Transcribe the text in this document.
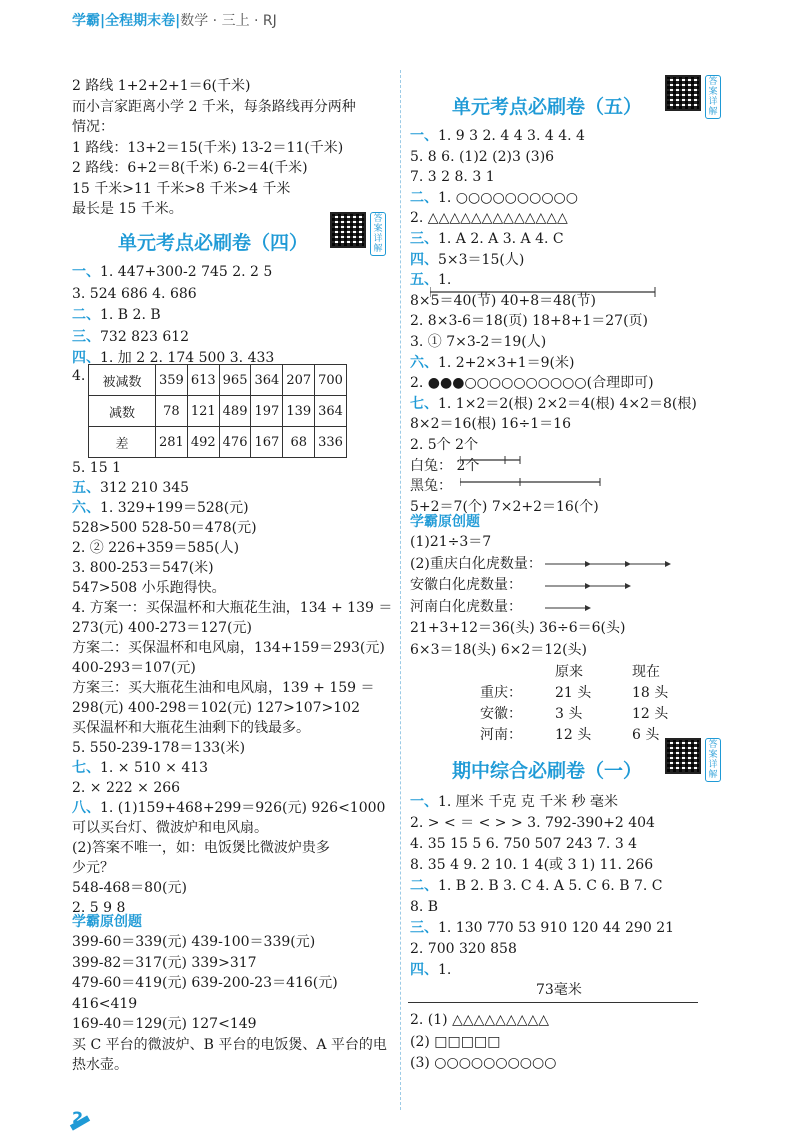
学霸|全程期末卷|数学 · 三上 · RJ
2 路线 1+2+2+1＝6(千米)
而小言家距离小学 2 千米，每条路线再分两种
情况：
1 路线：13+2＝15(千米) 13-2＝11(千米)
2 路线：6+2＝8(千米) 6-2＝4(千米)
15 千米>11 千米>8 千米>4 千米
最长是 15 千米。
答案详解
单元考点必刷卷（四）
一、1. 447+300-2 745 2. 2 5
3. 524 686 4. 686
二、1. B 2. B
三、732 823 612
四、1. 加 2 2. 174 500 3. 433
4. 被减数	359	613	965	364	207	700
减数	78	121	489	197	139	364
差	281	492	476	167	68	336
5. 15 1
五、312 210 345
六、1. 329+199＝528(元)
528>500 528-50＝478(元)
2. ② 226+359＝585(人)
3. 800-253＝547(米)
547>508 小乐跑得快。
4. 方案一：买保温杯和大瓶花生油，134 + 139 ＝
273(元) 400-273＝127(元)
方案二：买保温杯和电风扇，134+159＝293(元)
400-293＝107(元)
方案三：买大瓶花生油和电风扇，139 + 159 ＝
298(元) 400-298＝102(元) 127>107>102
买保温杯和大瓶花生油剩下的钱最多。
5. 550-239-178＝133(米)
七、1. × 510 × 413
2. × 222 × 266
八、1. (1)159+468+299＝926(元) 926<1000
可以买台灯、微波炉和电风扇。
(2)答案不唯一，如：电饭煲比微波炉贵多
少元？
548-468＝80(元)
2. 5 9 8
学霸原创题
399-60＝339(元) 439-100＝339(元)
399-82＝317(元) 339>317
479-60＝419(元) 639-200-23＝416(元)
416<419
169-40＝129(元) 127<149
买 C 平台的微波炉、B 平台的电饭煲、A 平台的电
热水壶。
答案详解
单元考点必刷卷（五）
一、1. 9 3 2. 4 4 3. 4 4. 4
5. 8 6. (1)2 (2)3 (3)6
7. 3 2 8. 3 1
二、1. ○○○○○○○○○○
2. △△△△△△△△△△△△△
三、1. A 2. A 3. A 4. C
四、5×3＝15(人)
五、1.
8×5＝40(节) 40+8＝48(节)
2. 8×3-6＝18(页) 18+8+1＝27(页)
3. ① 7×3-2＝19(人)
六、1. 2+2×3+1＝9(米)
2. ●●●○○○○○○○○○○(合理即可)
七、1. 1×2＝2(根) 2×2＝4(根) 4×2＝8(根)
8×2＝16(根) 16÷1＝16
2. 5个 2个
白兔： 2个
黑兔：
5+2＝7(个) 7×2+2＝16(个)
学霸原创题
(1)21÷3＝7
(2)重庆白化虎数量：
安徽白化虎数量：
河南白化虎数量：
21+3+12＝36(头) 36÷6＝6(头)
6×3＝18(头) 6×2＝12(头)
原来	现在
重庆： 21 头	18 头
安徽： 3 头	12 头
河南： 12 头	6 头
答案详解
期中综合必刷卷（一）
一、1. 厘米 千克 克 千米 秒 毫米
2. > < ＝ < > > 3. 792-390+2 404
4. 35 15 5 6. 750 507 243 7. 3 4
8. 35 4 9. 2 10. 1 4(或 3 1) 11. 266
二、1. B 2. B 3. C 4. A 5. C 6. B 7. C
8. B
三、1. 130 770 53 910 120 44 290 21
2. 700 320 858
四、1.
73毫米
2. (1) △△△△△△△△△
(2) □□□□□
(3) ○○○○○○○○○○
2
